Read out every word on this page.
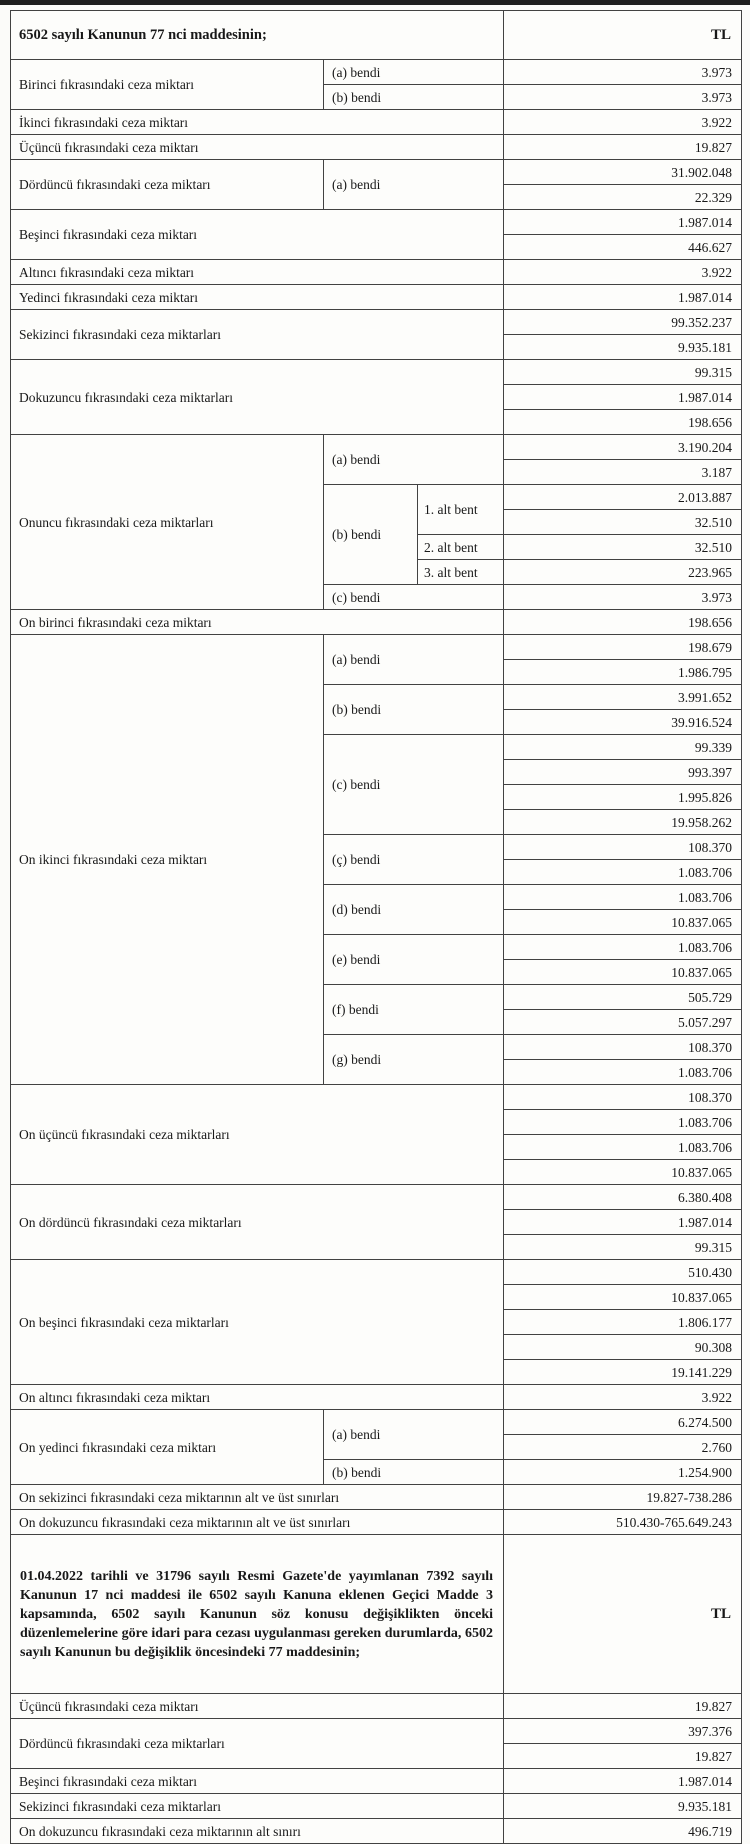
6502 sayılı Kanunun 77 nci maddesinin;			TL
Birinci fıkrasındaki ceza miktarı	(a) bendi		3.973
	(b) bendi		3.973
İkinci fıkrasındaki ceza miktarı			3.922
Üçüncü fıkrasındaki ceza miktarı			19.827
Dördüncü fıkrasındaki ceza miktarı	(a) bendi		31.902.048
			22.329
Beşinci fıkrasındaki ceza miktarı			1.987.014
			446.627
Altıncı fıkrasındaki ceza miktarı			3.922
Yedinci fıkrasındaki ceza miktarı			1.987.014
Sekizinci fıkrasındaki ceza miktarları			99.352.237
			9.935.181
Dokuzuncu fıkrasındaki ceza miktarları			99.315
			1.987.014
			198.656
Onuncu fıkrasındaki ceza miktarları	(a) bendi		3.190.204
			3.187
	(b) bendi	1. alt bent	2.013.887
			32.510
		2. alt bent	32.510
		3. alt bent	223.965
	(c) bendi		3.973
On birinci fıkrasındaki ceza miktarı			198.656
On ikinci fıkrasındaki ceza miktarı	(a) bendi		198.679
			1.986.795
	(b) bendi		3.991.652
			39.916.524
	(c) bendi		99.339
			993.397
			1.995.826
			19.958.262
	(ç) bendi		108.370
			1.083.706
	(d) bendi		1.083.706
			10.837.065
	(e) bendi		1.083.706
			10.837.065
	(f) bendi		505.729
			5.057.297
	(g) bendi		108.370
			1.083.706
On üçüncü fıkrasındaki ceza miktarları			108.370
			1.083.706
			1.083.706
			10.837.065
On dördüncü fıkrasındaki ceza miktarları			6.380.408
			1.987.014
			99.315
On beşinci fıkrasındaki ceza miktarları			510.430
			10.837.065
			1.806.177
			90.308
			19.141.229
On altıncı fıkrasındaki ceza miktarı			3.922
On yedinci fıkrasındaki ceza miktarı	(a) bendi		6.274.500
			2.760
	(b) bendi		1.254.900
On sekizinci fıkrasındaki ceza miktarının alt ve üst sınırları			19.827-738.286
On dokuzuncu fıkrasındaki ceza miktarının alt ve üst sınırları			510.430-765.649.243
01.04.2022 tarihli ve 31796 sayılı Resmi Gazete'de yayımlanan 7392 sayılı Kanunun 17 nci maddesi ile 6502 sayılı Kanuna eklenen Geçici Madde 3 kapsamında, 6502 sayılı Kanunun söz konusu değişiklikten önceki düzenlemelerine göre idari para cezası uygulanması gereken durumlarda, 6502 sayılı Kanunun bu değişiklik öncesindeki 77 maddesinin;			TL
Üçüncü fıkrasındaki ceza miktarı			19.827
Dördüncü fıkrasındaki ceza miktarları			397.376
			19.827
Beşinci fıkrasındaki ceza miktarı			1.987.014
Sekizinci fıkrasındaki ceza miktarları			9.935.181
On dokuzuncu fıkrasındaki ceza miktarının alt sınırı			496.719
